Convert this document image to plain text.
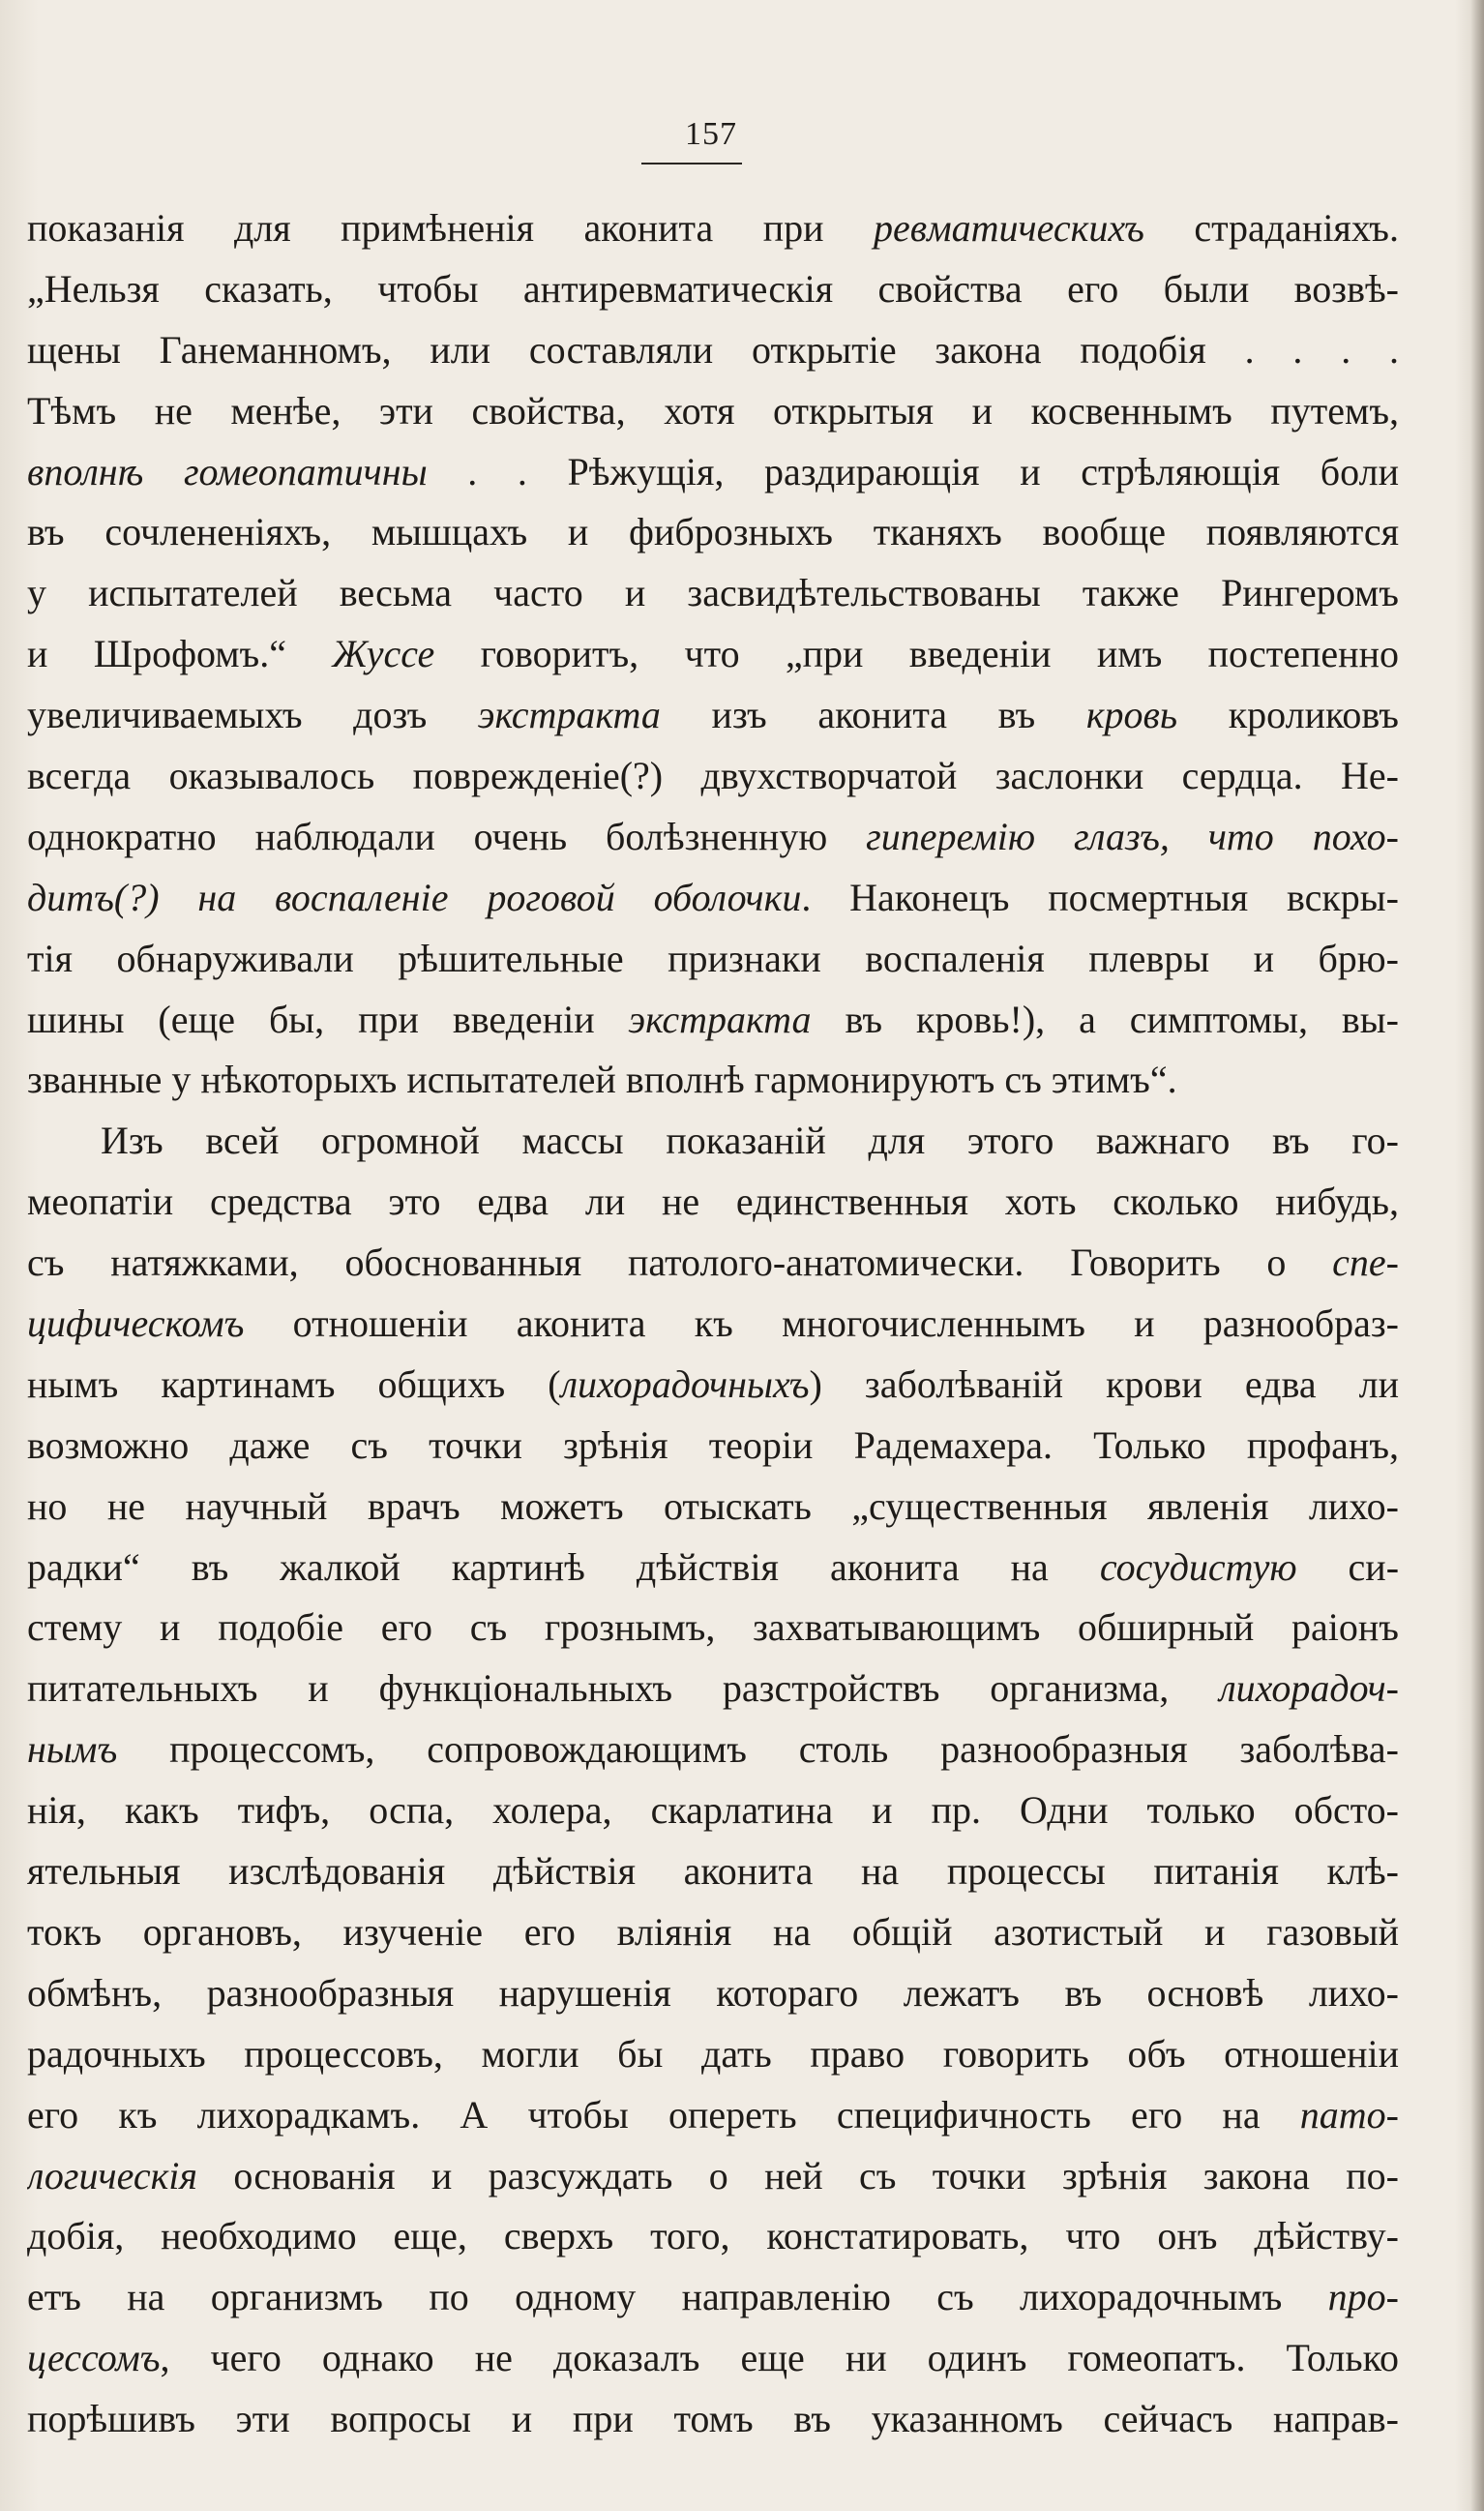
157
показанія для примѣненія аконита при ревматическихъ страданіяхъ.
„Нельзя сказать, чтобы антиревматическія свойства его были возвѣ-
щены Ганеманномъ, или составляли открытіе закона подобія . . . .
Тѣмъ не менѣе, эти свойства, хотя открытыя и косвеннымъ путемъ,
вполнѣ гомеопатичны . . Рѣжущія, раздирающія и стрѣляющія боли
въ сочлененіяхъ, мышцахъ и фиброзныхъ тканяхъ вообще появляются
у испытателей весьма часто и засвидѣтельствованы также Рингеромъ
и Шрофомъ.“ Жуссе говоритъ, что „при введеніи имъ постепенно
увеличиваемыхъ дозъ экстракта изъ аконита въ кровь кроликовъ
всегда оказывалось поврежденіе(?) двухстворчатой заслонки сердца. Не-
однократно наблюдали очень болѣзненную гиперемію глазъ, что похо-
дитъ(?) на воспаленіе роговой оболочки. Наконецъ посмертныя вскры-
тія обнаруживали рѣшительные признаки воспаленія плевры и брю-
шины (еще бы, при введеніи экстракта въ кровь!), а симптомы, вы-
званные у нѣкоторыхъ испытателей вполнѣ гармонируютъ съ этимъ“.
Изъ всей огромной массы показаній для этого важнаго въ го-
меопатіи средства это едва ли не единственныя хоть сколько нибудь,
съ натяжками, обоснованныя патолого-анатомически. Говорить о спе-
цифическомъ отношеніи аконита къ многочисленнымъ и разнообраз-
нымъ картинамъ общихъ (лихорадочныхъ) заболѣваній крови едва ли
возможно даже съ точки зрѣнія теоріи Радемахера. Только профанъ,
но не научный врачъ можетъ отыскать „существенныя явленія лихо-
радки“ въ жалкой картинѣ дѣйствія аконита на сосудистую си-
стему и подобіе его съ грознымъ, захватывающимъ обширный раіонъ
питательныхъ и функціональныхъ разстройствъ организма, лихорадоч-
нымъ процессомъ, сопровождающимъ столь разнообразныя заболѣва-
нія, какъ тифъ, оспа, холера, скарлатина и пр. Одни только обсто-
ятельныя изслѣдованія дѣйствія аконита на процессы питанія клѣ-
токъ органовъ, изученіе его вліянія на общій азотистый и газовый
обмѣнъ, разнообразныя нарушенія котораго лежатъ въ основѣ лихо-
радочныхъ процессовъ, могли бы дать право говорить объ отношеніи
его къ лихорадкамъ. А чтобы опереть специфичность его на пато-
логическія основанія и разсуждать о ней съ точки зрѣнія закона по-
добія, необходимо еще, сверхъ того, констатировать, что онъ дѣйству-
етъ на организмъ по одному направленію съ лихорадочнымъ про-
цессомъ, чего однако не доказалъ еще ни одинъ гомеопатъ. Только
порѣшивъ эти вопросы и при томъ въ указанномъ сейчасъ направ-
